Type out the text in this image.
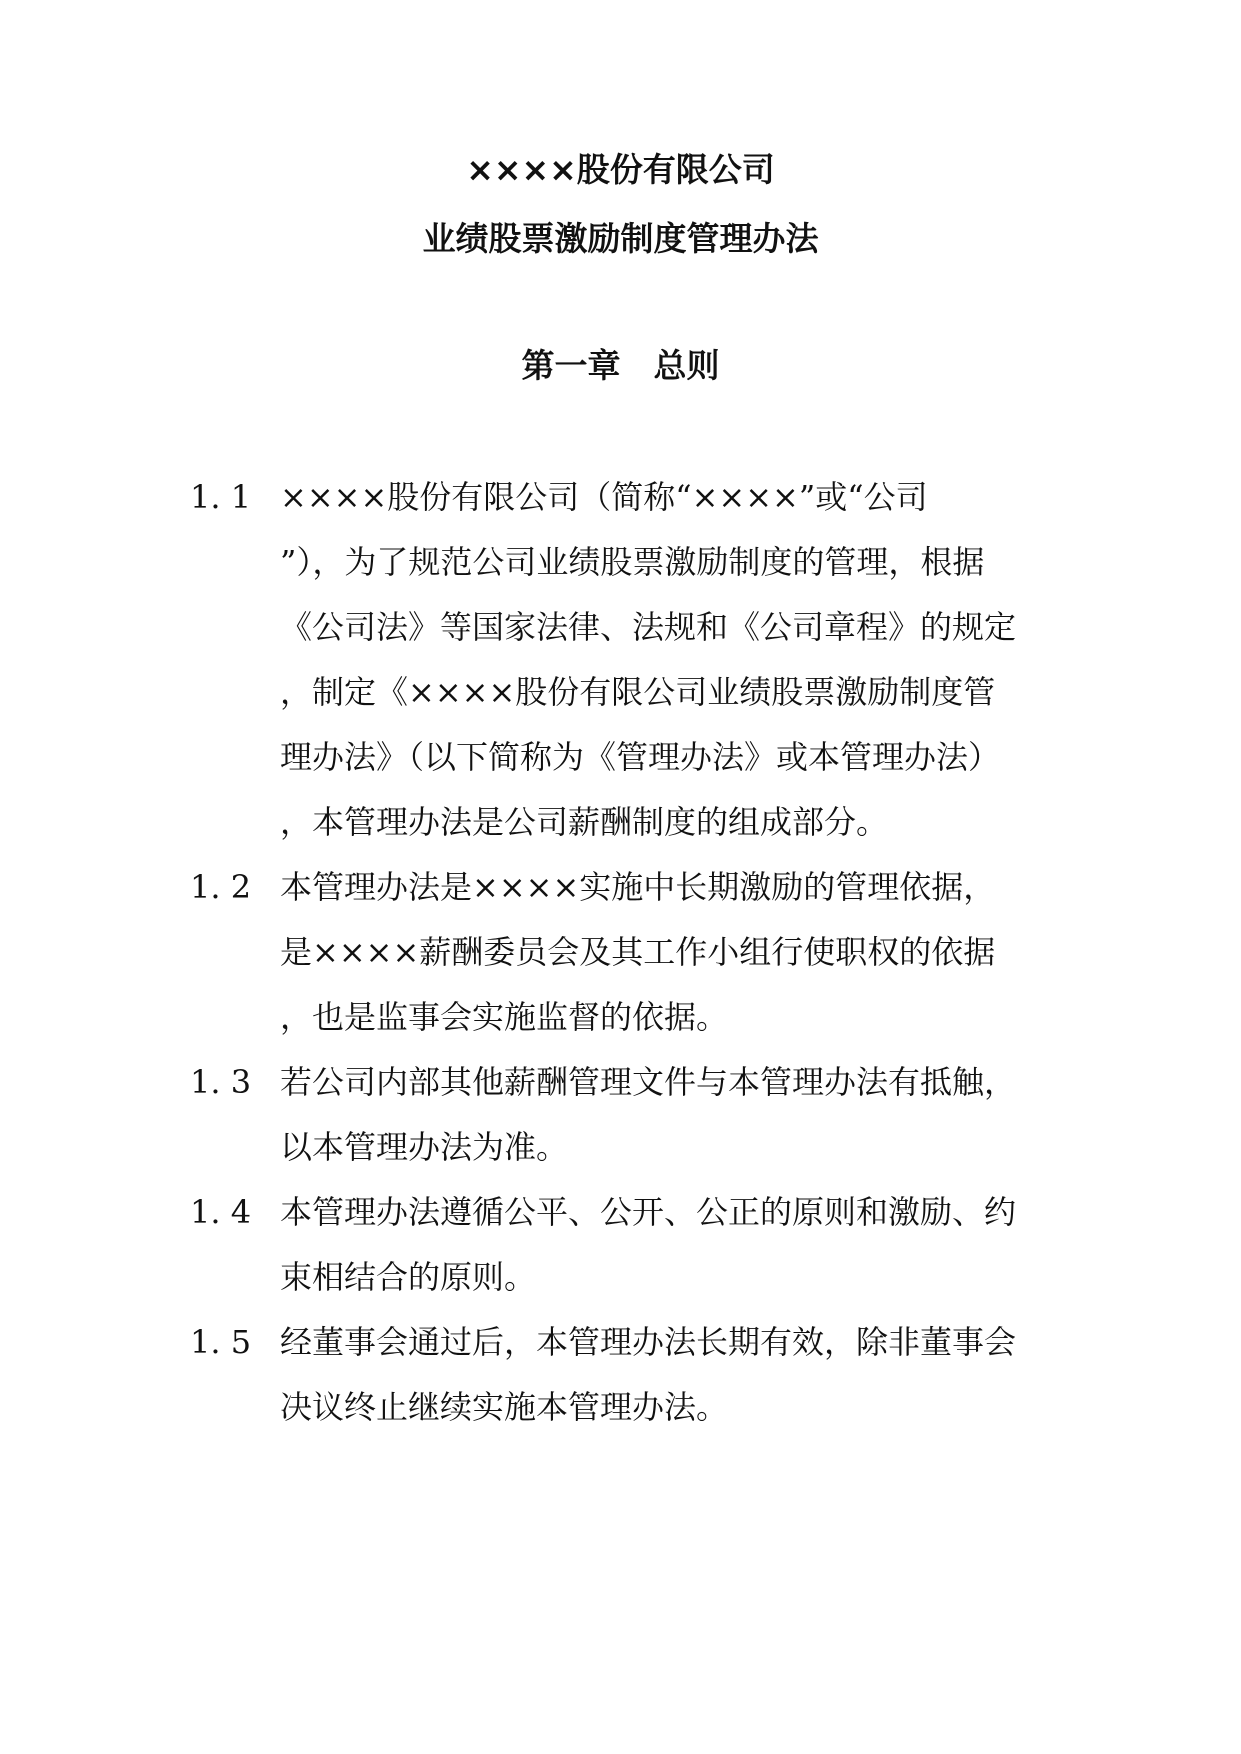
××××股份有限公司
业绩股票激励制度管理办法
第一章　总则
1. 1 ××××股份有限公司（简称“××××”或“公司
”），为了规范公司业绩股票激励制度的管理，根据
《公司法》等国家法律、法规和《公司章程》的规定
，制定《××××股份有限公司业绩股票激励制度管
理办法》（以下简称为《管理办法》或本管理办法）
，本管理办法是公司薪酬制度的组成部分。
1. 2 本管理办法是××××实施中长期激励的管理依据，
是××××薪酬委员会及其工作小组行使职权的依据
，也是监事会实施监督的依据。
1. 3 若公司内部其他薪酬管理文件与本管理办法有抵触，
以本管理办法为准。
1. 4 本管理办法遵循公平、公开、公正的原则和激励、约
束相结合的原则。
1. 5 经董事会通过后，本管理办法长期有效，除非董事会
决议终止继续实施本管理办法。
